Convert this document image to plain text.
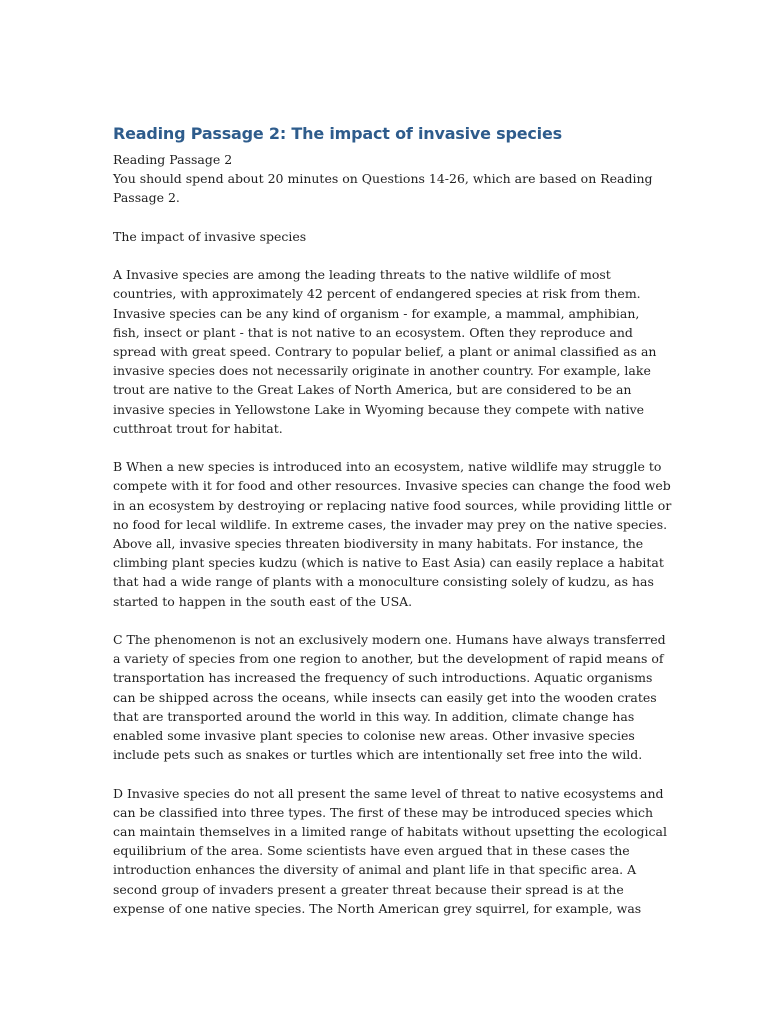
Reading Passage 2: The impact of invasive species
Reading Passage 2
You should spend about 20 minutes on Questions 14-26, which are based on Reading
Passage 2.
The impact of invasive species
A Invasive species are among the leading threats to the native wildlife of most
countries, with approximately 42 percent of endangered species at risk from them.
Invasive species can be any kind of organism - for example, a mammal, amphibian,
fish, insect or plant - that is not native to an ecosystem. Often they reproduce and
spread with great speed. Contrary to popular belief, a plant or animal classified as an
invasive species does not necessarily originate in another country. For example, lake
trout are native to the Great Lakes of North America, but are considered to be an
invasive species in Yellowstone Lake in Wyoming because they compete with native
cutthroat trout for habitat.
B When a new species is introduced into an ecosystem, native wildlife may struggle to
compete with it for food and other resources. Invasive species can change the food web
in an ecosystem by destroying or replacing native food sources, while providing little or
no food for lecal wildlife. In extreme cases, the invader may prey on the native species.
Above all, invasive species threaten biodiversity in many habitats. For instance, the
climbing plant species kudzu (which is native to East Asia) can easily replace a habitat
that had a wide range of plants with a monoculture consisting solely of kudzu, as has
started to happen in the south east of the USA.
C The phenomenon is not an exclusively modern one. Humans have always transferred
a variety of species from one region to another, but the development of rapid means of
transportation has increased the frequency of such introductions. Aquatic organisms
can be shipped across the oceans, while insects can easily get into the wooden crates
that are transported around the world in this way. In addition, climate change has
enabled some invasive plant species to colonise new areas. Other invasive species
include pets such as snakes or turtles which are intentionally set free into the wild.
D Invasive species do not all present the same level of threat to native ecosystems and
can be classified into three types. The first of these may be introduced species which
can maintain themselves in a limited range of habitats without upsetting the ecological
equilibrium of the area. Some scientists have even argued that in these cases the
introduction enhances the diversity of animal and plant life in that specific area. A
second group of invaders present a greater threat because their spread is at the
expense of one native species. The North American grey squirrel, for example, was
